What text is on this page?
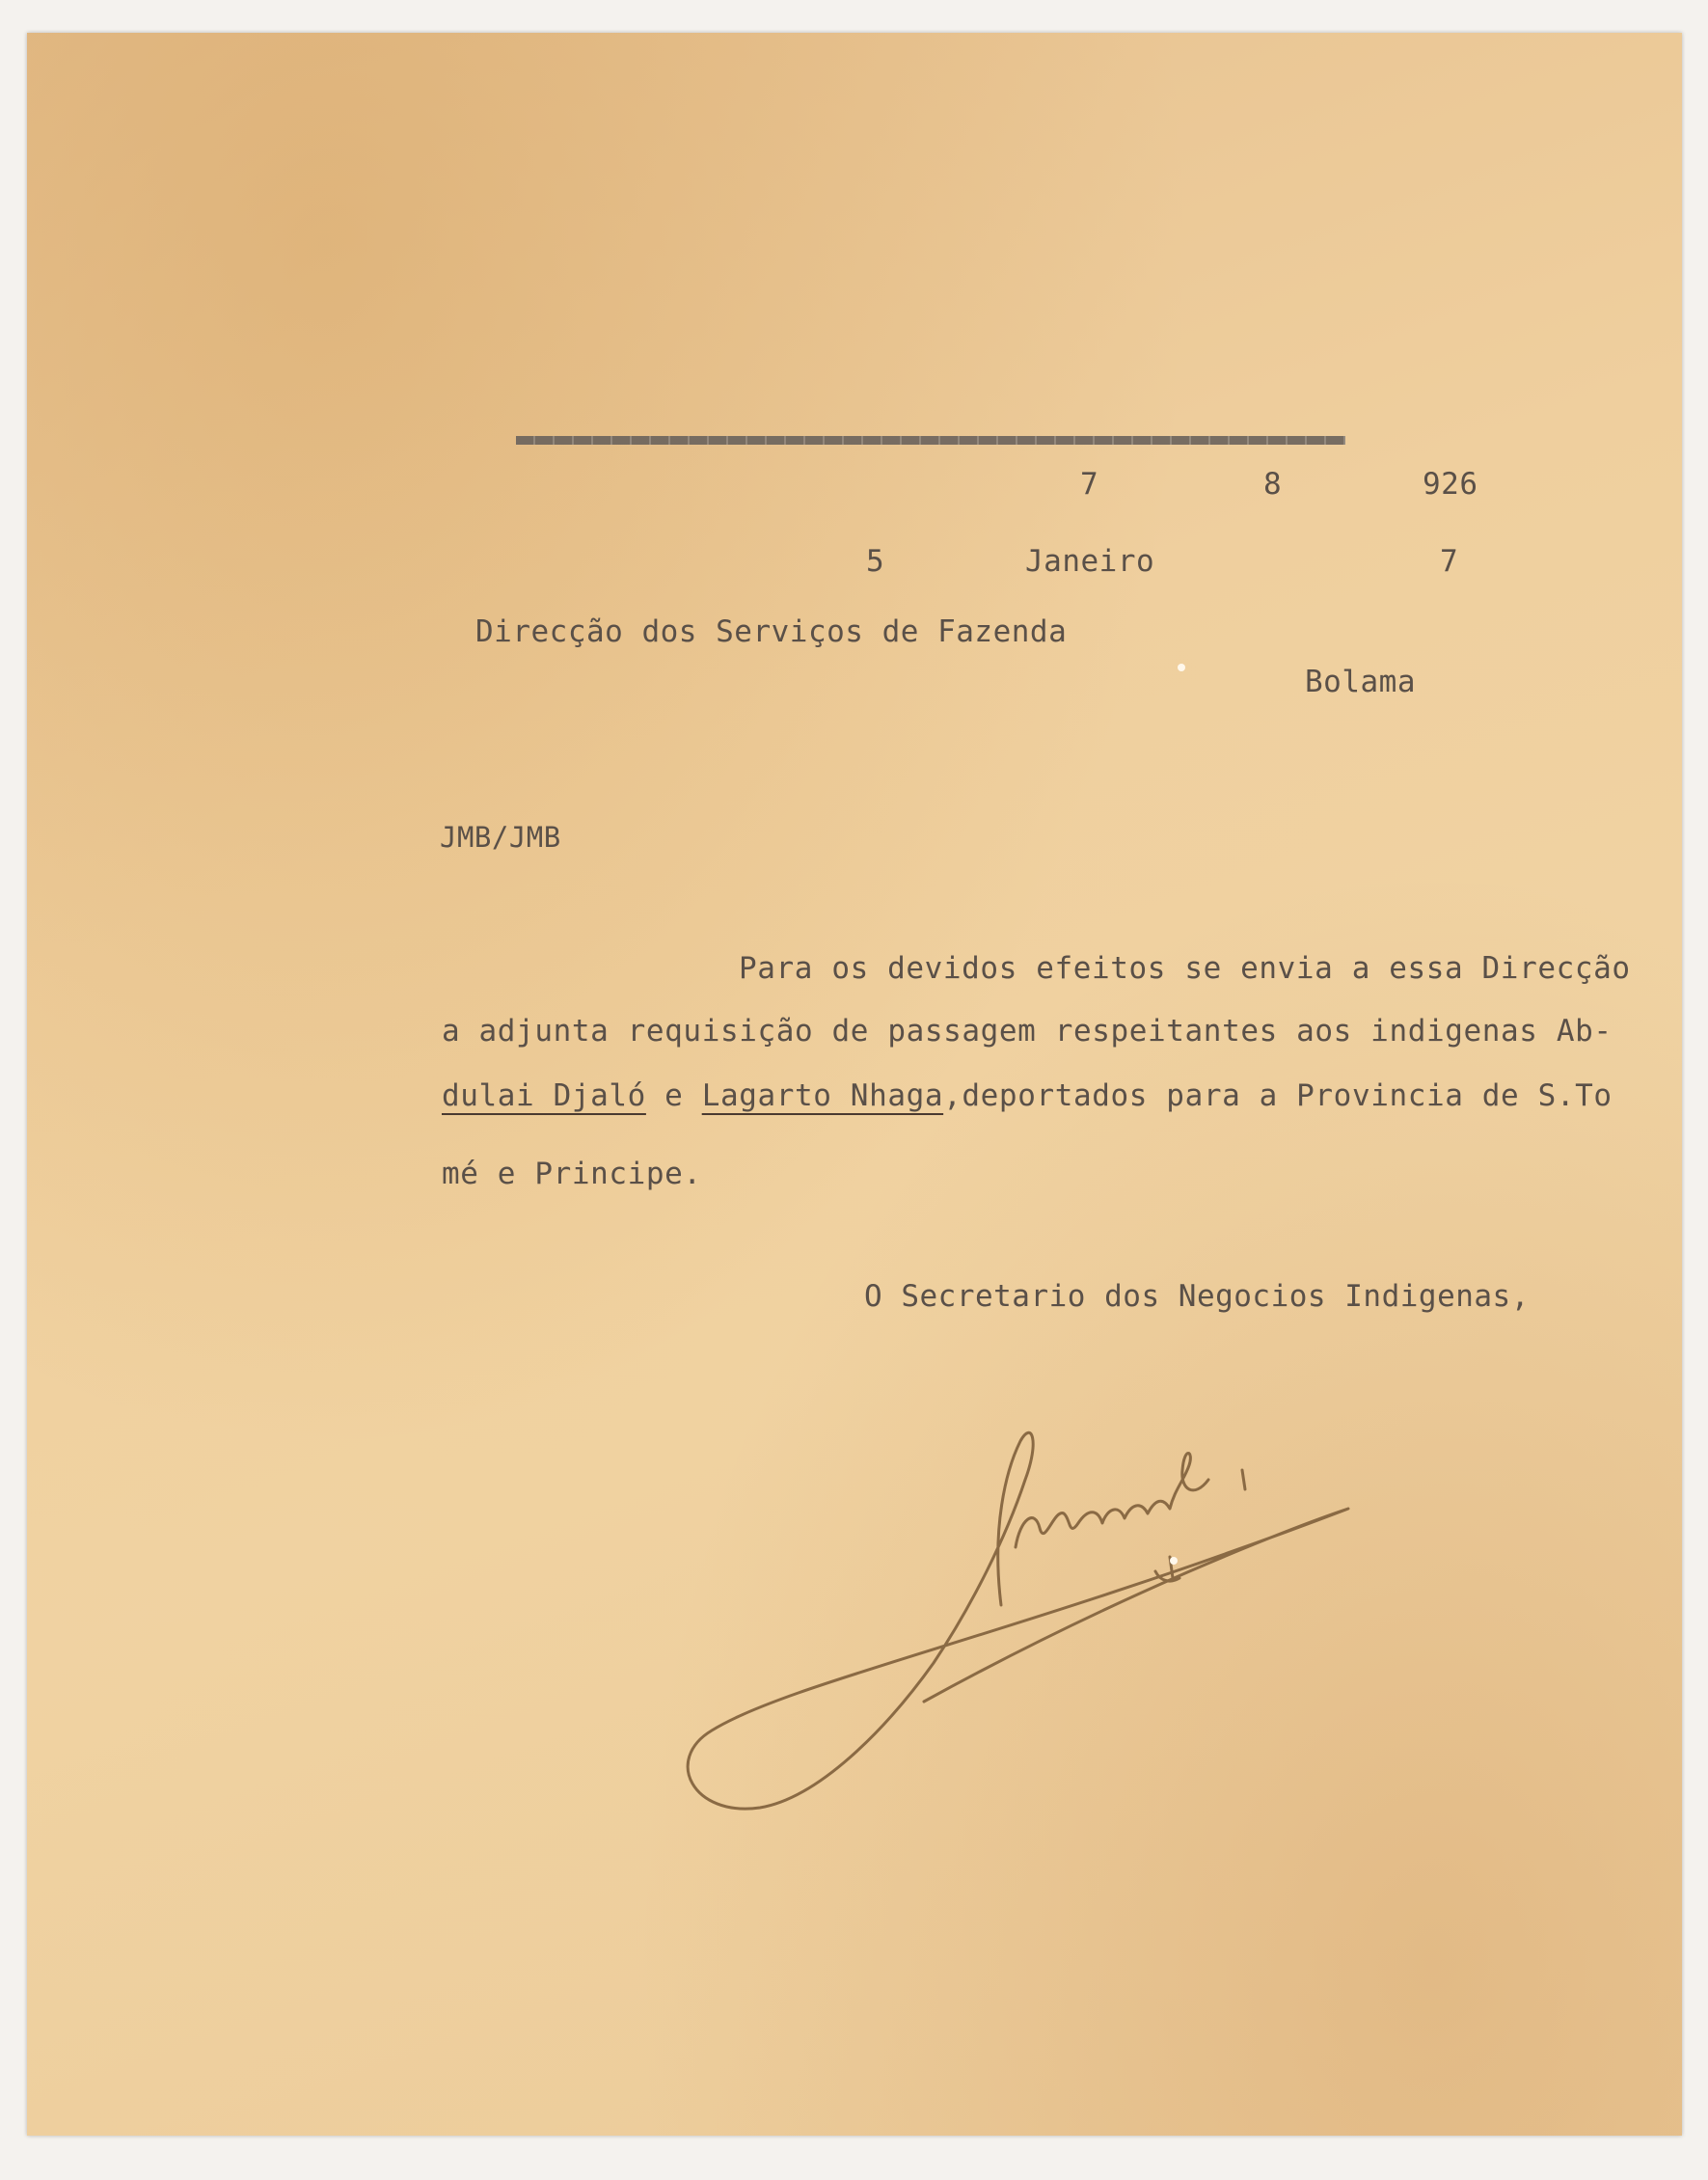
7	8	926
5	Janeiro	7
Direcção dos Serviços de Fazenda
Bolama
JMB/JMB
Para os devidos efeitos se envia a essa Direcção
a adjunta requisição de passagem respeitantes aos indigenas Ab-
dulai Djaló e Lagarto Nhaga,deportados para a Provincia de S.To
mé e Principe.
O Secretario dos Negocios Indigenas,
